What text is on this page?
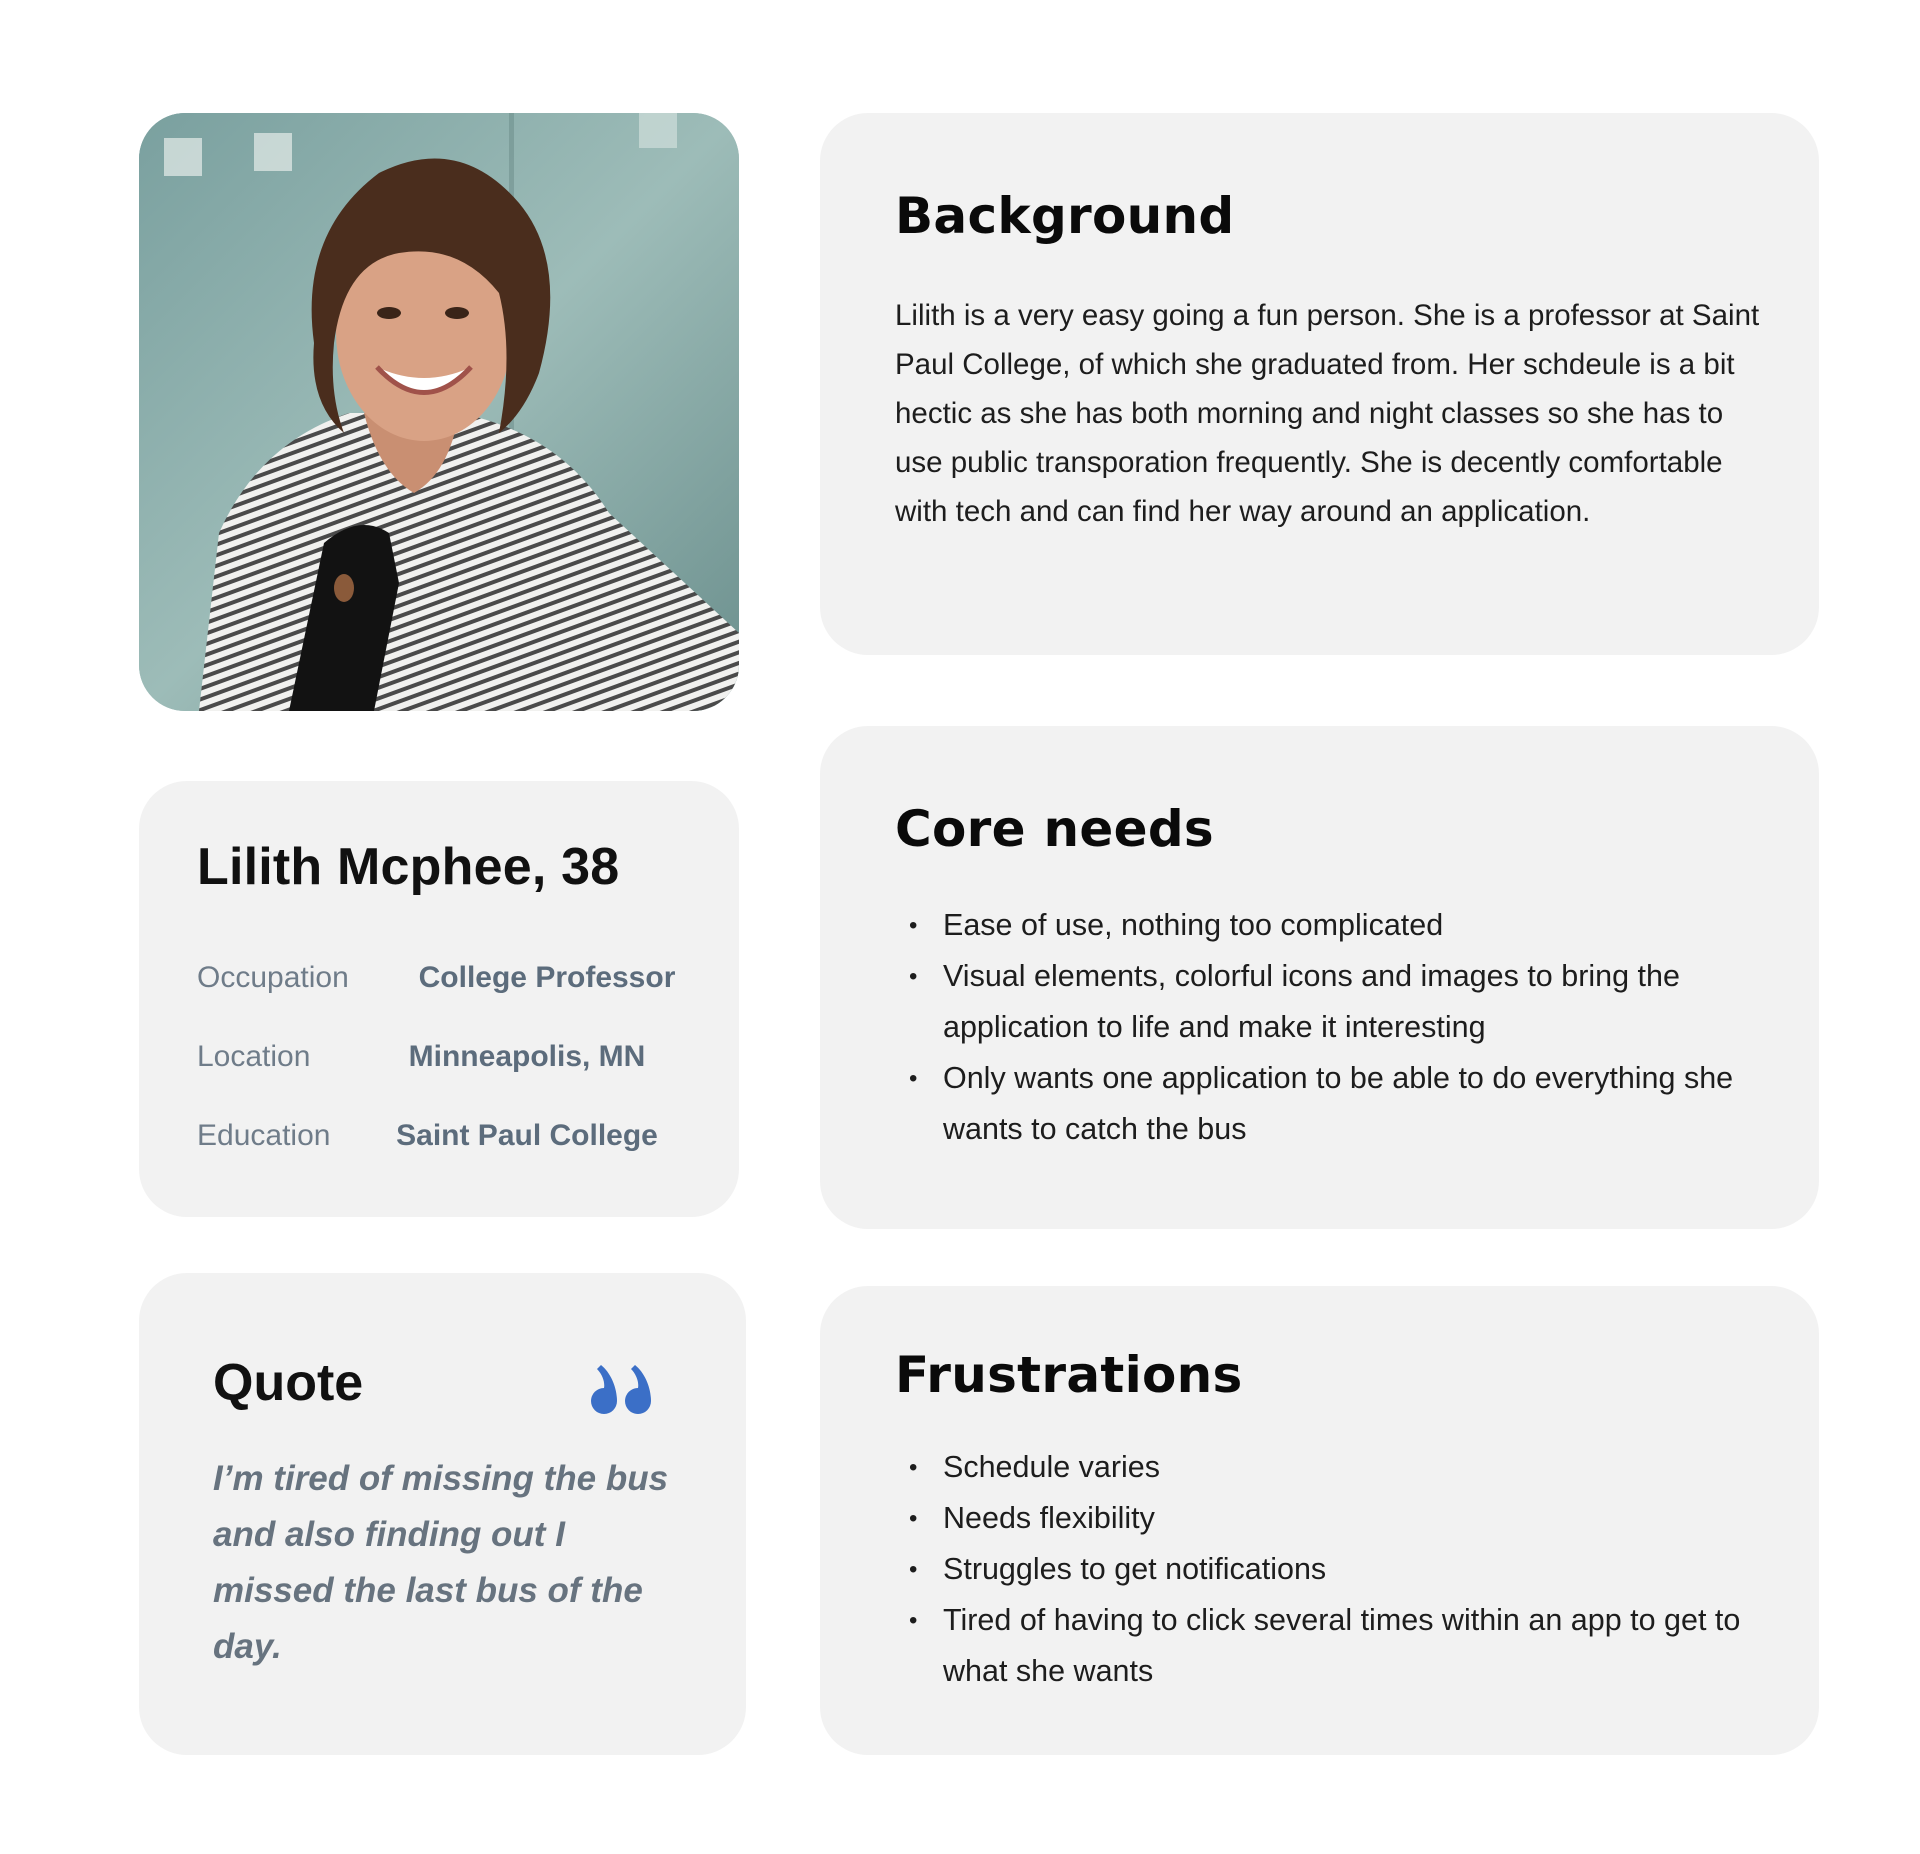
Lilith Mcphee, 38
Occupation	College Professor
Location	Minneapolis, MN
Education	Saint Paul College
Quote

I’m tired of missing the bus and also finding out I missed the last bus of the day.

Background

Lilith is a very easy going a fun person. She is a professor at Saint Paul College, of which she graduated from. Her schdeule is a bit hectic as she has both morning and night classes so she has to use public transporation frequently. She is decently comfortable with tech and can find her way around an application.

Core needs
• Ease of use, nothing too complicated
• Visual elements, colorful icons and images to bring the application to life and make it interesting
• Only wants one application to be able to do everything she wants to catch the bus
Frustrations
• Schedule varies
• Needs flexibility
• Struggles to get notifications
• Tired of having to click several times within an app to get to what she wants
